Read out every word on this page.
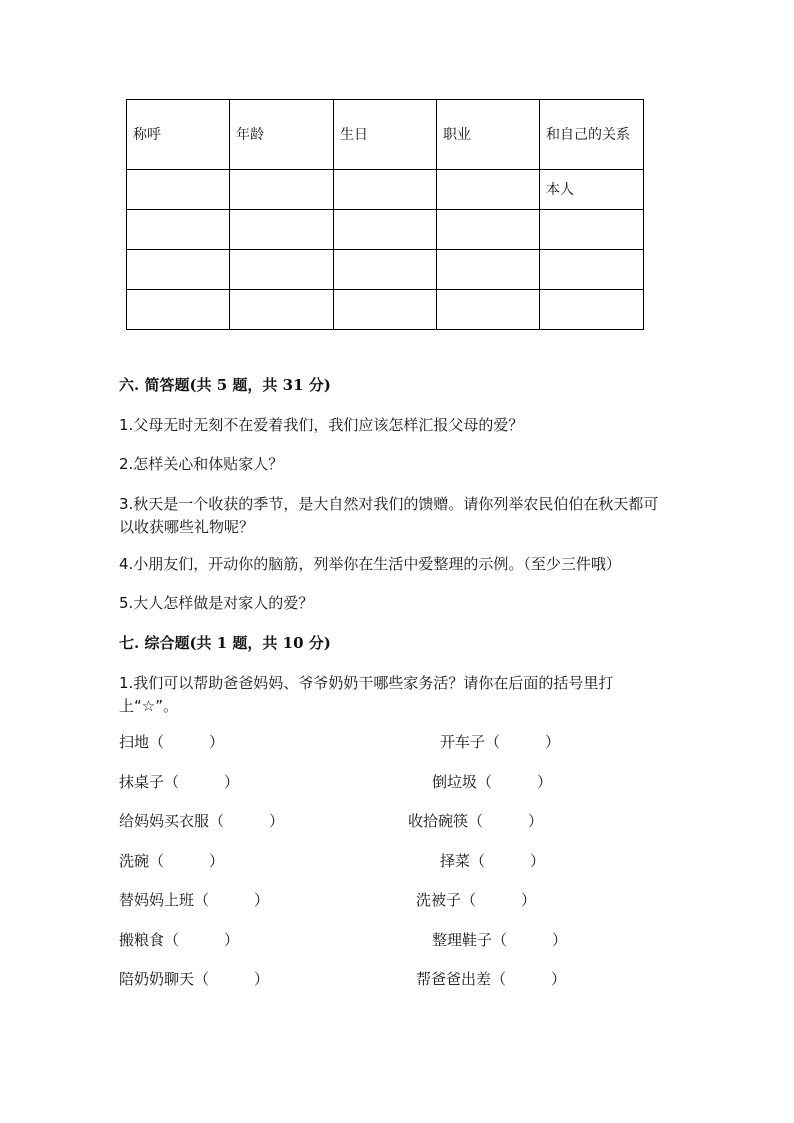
称呼	年龄	生日	职业	和自己的关系
				本人

六. 简答题(共 5 题，共 31 分)
1.父母无时无刻不在爱着我们，我们应该怎样汇报父母的爱？
2.怎样关心和体贴家人？
3.秋天是一个收获的季节，是大自然对我们的馈赠。请你列举农民伯伯在秋天都可以收获哪些礼物呢？
4.小朋友们，开动你的脑筋，列举你在生活中爱整理的示例。（至少三件哦）
5.大人怎样做是对家人的爱？
七. 综合题(共 1 题，共 10 分)
1.我们可以帮助爸爸妈妈、爷爷奶奶干哪些家务活？请你在后面的括号里打上“☆”。
扫地（　　　）
抹桌子（　　　）
给妈妈买衣服（　　　）
洗碗（　　　）
替妈妈上班（　　　）
搬粮食（　　　）
陪奶奶聊天（　　　）
开车子（　　　）
倒垃圾（　　　）
收拾碗筷（　　　）
择菜（　　　）
洗被子（　　　）
整理鞋子（　　　）
帮爸爸出差（　　　）
